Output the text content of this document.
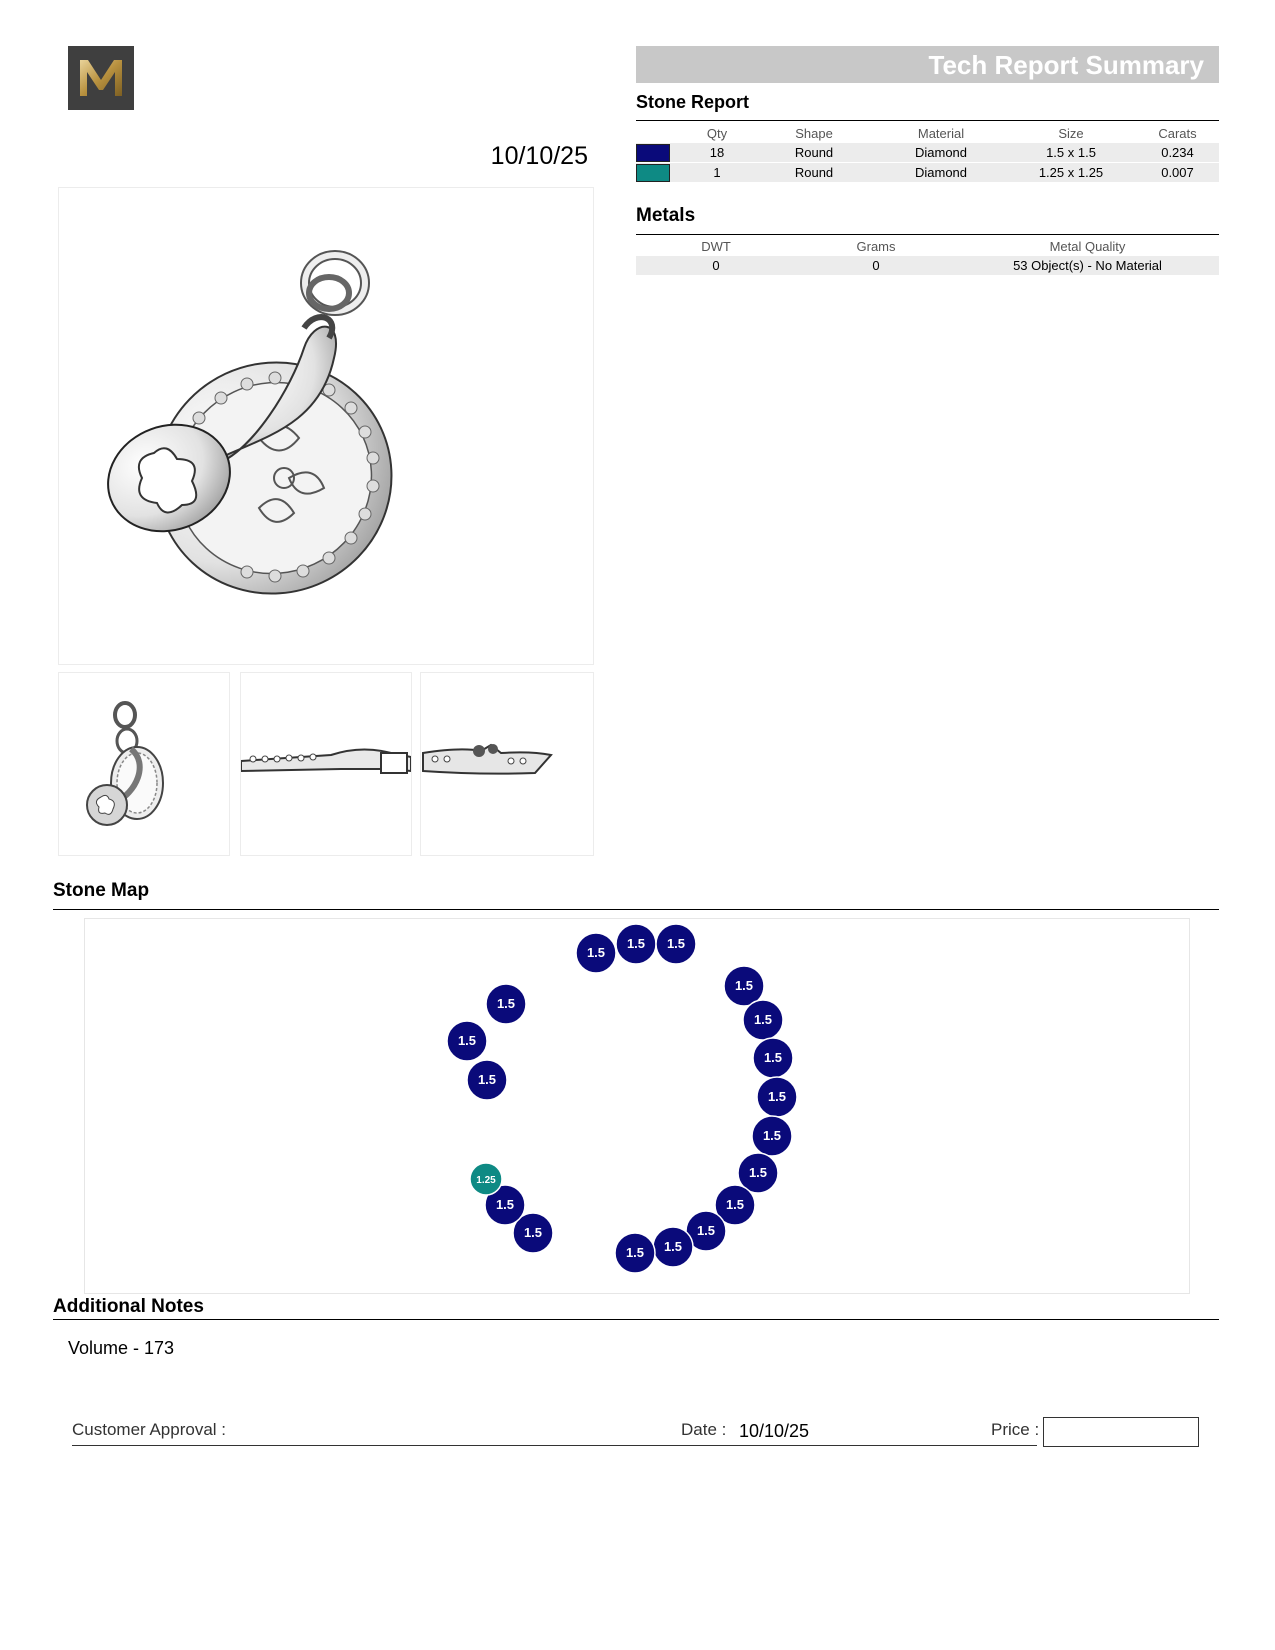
10/10/25
Tech Report Summary
Stone Report
	Qty	Shape	Material	Size	Carats

	18	Round	Diamond	1.5 x 1.5	0.234

	1	Round	Diamond	1.25 x 1.25	0.007
Metals
DWT	Grams	Metal Quality
0	0	53 Object(s) - No Material
Stone Map
1.5
1.5 1.5
1.5
1.5
1.5
1.5
1.5
1.5
1.5
1.5
1.5
1.5
1.5
1.5
1.5
1.5
1.5
1.25
Additional Notes
Volume - 173
Customer Approval :	Date : 10/10/25	Price :
